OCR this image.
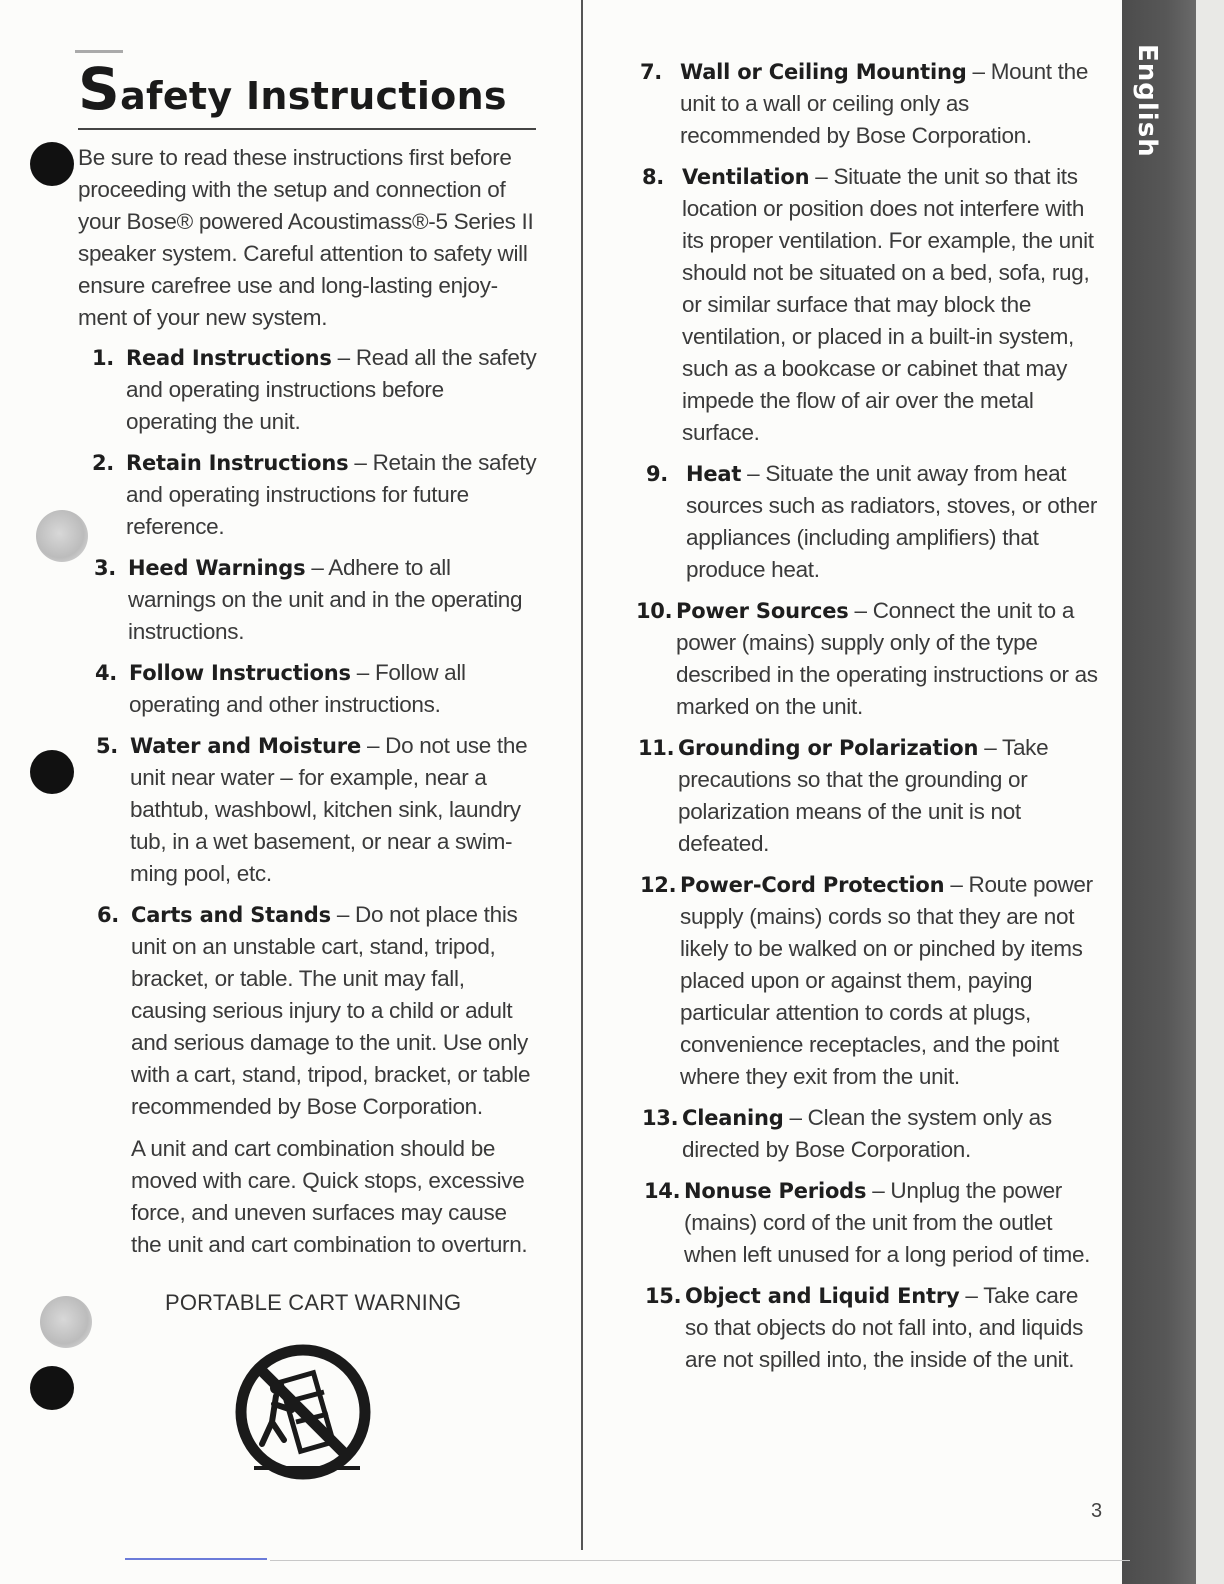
Safety Instructions

Be sure to read these instructions first before proceeding with the setup and connection of your Bose® powered Acoustimass®-5 Series II speaker system. Careful attention to safety will ensure carefree use and long-lasting enjoy-ment of your new system.

1. Read Instructions – Read all the safety and operating instructions before operating the unit.
2. Retain Instructions – Retain the safety and operating instructions for future reference.
3. Heed Warnings – Adhere to all warnings on the unit and in the operating instructions.
4. Follow Instructions – Follow all operating and other instructions.
5. Water and Moisture – Do not use the unit near water – for example, near a bathtub, washbowl, kitchen sink, laundry tub, in a wet basement, or near a swim-ming pool, etc.
6. Carts and Stands – Do not place this unit on an unstable cart, stand, tripod, bracket, or table. The unit may fall, causing serious injury to a child or adult and serious damage to the unit. Use only with a cart, stand, tripod, bracket, or table recommended by Bose Corporation.

A unit and cart combination should be moved with care. Quick stops, excessive force, and uneven surfaces may cause the unit and cart combination to overturn.

PORTABLE CART WARNING
7. Wall or Ceiling Mounting – Mount the unit to a wall or ceiling only as recommended by Bose Corporation.
8. Ventilation – Situate the unit so that its location or position does not interfere with its proper ventilation. For example, the unit should not be situated on a bed, sofa, rug, or similar surface that may block the ventilation, or placed in a built-in system, such as a bookcase or cabinet that may impede the flow of air over the metal surface.
9. Heat – Situate the unit away from heat sources such as radiators, stoves, or other appliances (including amplifiers) that produce heat.
10. Power Sources – Connect the unit to a power (mains) supply only of the type described in the operating instructions or as marked on the unit.
11. Grounding or Polarization – Take precautions so that the grounding or polarization means of the unit is not defeated.
12. Power-Cord Protection – Route power supply (mains) cords so that they are not likely to be walked on or pinched by items placed upon or against them, paying particular attention to cords at plugs, convenience receptacles, and the point where they exit from the unit.
13. Cleaning – Clean the system only as directed by Bose Corporation.
14. Nonuse Periods – Unplug the power (mains) cord of the unit from the outlet when left unused for a long period of time.
15. Object and Liquid Entry – Take care so that objects do not fall into, and liquids are not spilled into, the inside of the unit.
English
3
